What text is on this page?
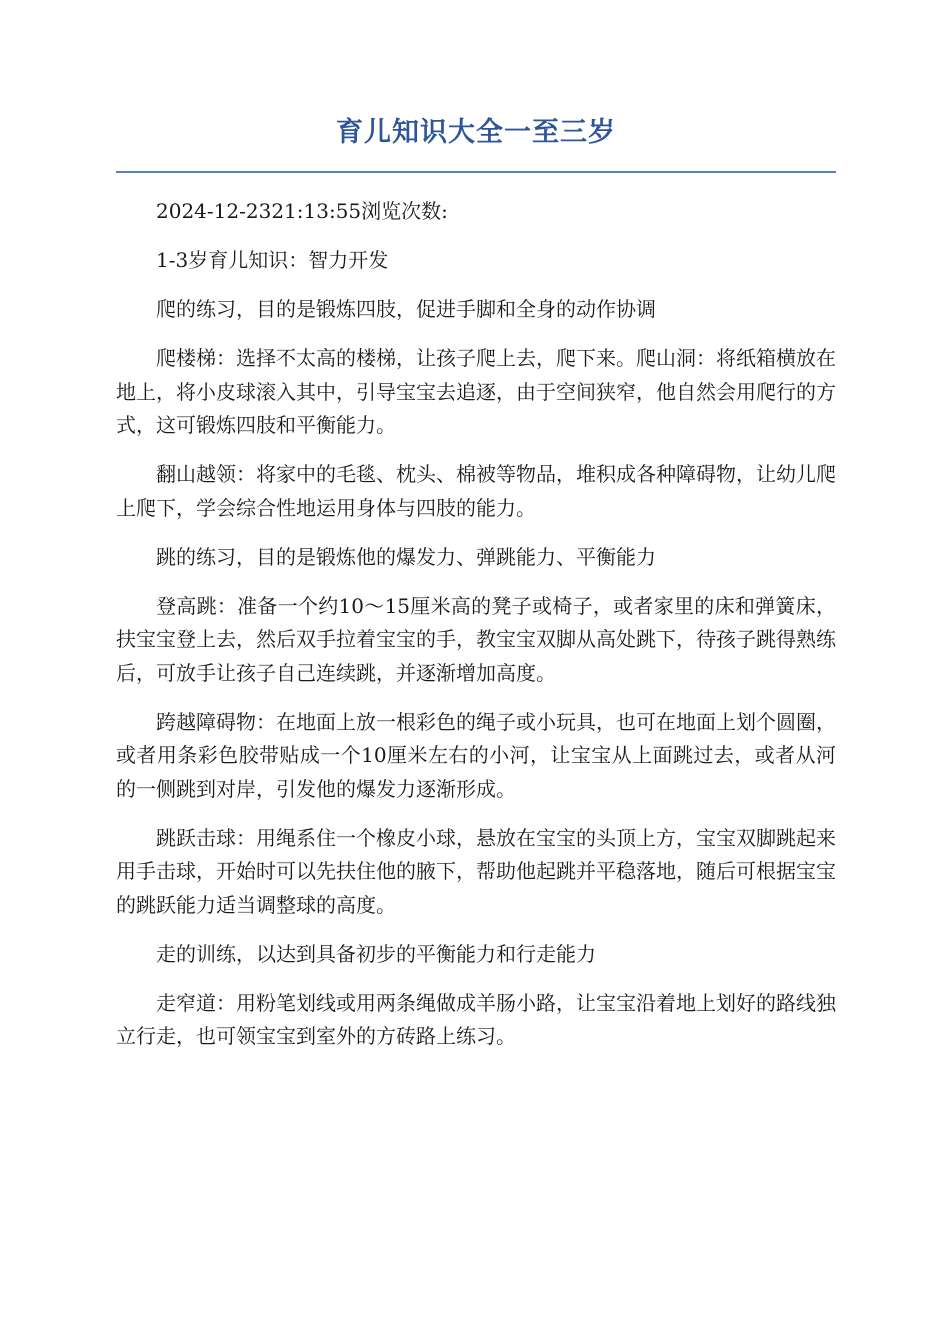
育儿知识大全一至三岁

2024-12-2321:13:55浏览次数:

1-3岁育儿知识：智力开发

爬的练习，目的是锻炼四肢，促进手脚和全身的动作协调

爬楼梯：选择不太高的楼梯，让孩子爬上去，爬下来。爬山洞：将纸箱横放在地上，将小皮球滚入其中，引导宝宝去追逐，由于空间狭窄，他自然会用爬行的方式，这可锻炼四肢和平衡能力。

翻山越领：将家中的毛毯、枕头、棉被等物品，堆积成各种障碍物，让幼儿爬上爬下，学会综合性地运用身体与四肢的能力。

跳的练习，目的是锻炼他的爆发力、弹跳能力、平衡能力

登高跳：准备一个约10～15厘米高的凳子或椅子，或者家里的床和弹簧床，扶宝宝登上去，然后双手拉着宝宝的手，教宝宝双脚从高处跳下，待孩子跳得熟练后，可放手让孩子自己连续跳，并逐渐增加高度。

跨越障碍物：在地面上放一根彩色的绳子或小玩具，也可在地面上划个圆圈，或者用条彩色胶带贴成一个10厘米左右的小河，让宝宝从上面跳过去，或者从河的一侧跳到对岸，引发他的爆发力逐渐形成。

跳跃击球：用绳系住一个橡皮小球，悬放在宝宝的头顶上方，宝宝双脚跳起来用手击球，开始时可以先扶住他的腋下，帮助他起跳并平稳落地，随后可根据宝宝的跳跃能力适当调整球的高度。

走的训练，以达到具备初步的平衡能力和行走能力

走窄道：用粉笔划线或用两条绳做成羊肠小路，让宝宝沿着地上划好的路线独立行走，也可领宝宝到室外的方砖路上练习。
